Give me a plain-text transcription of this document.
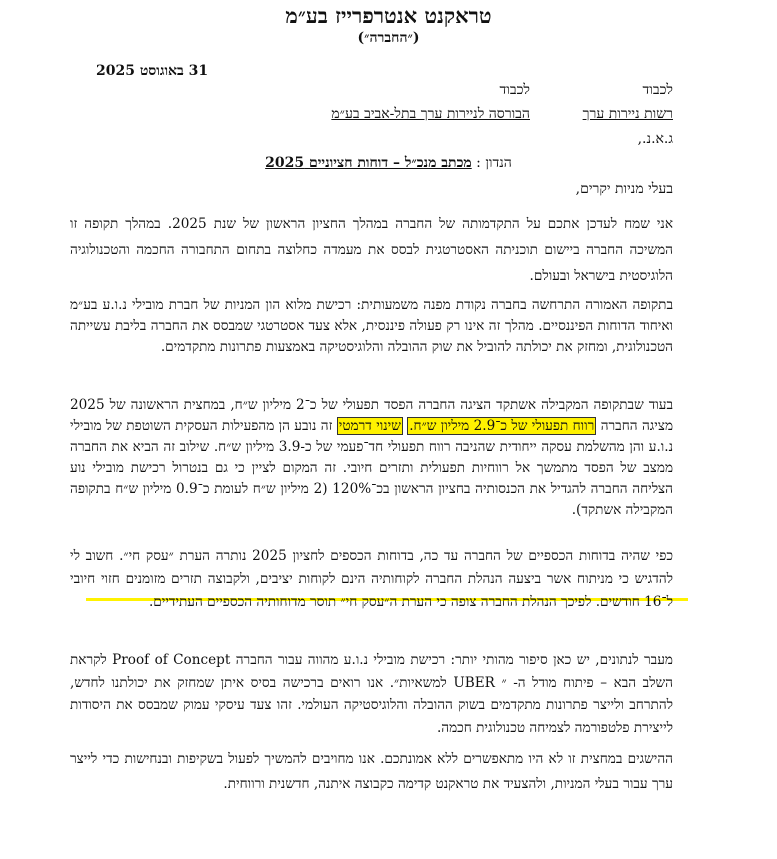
טראקנט אנטרפרייז בע״מ
(״החברה״)
31 באוגוסט 2025
לכבוד
רשות ניירות ערך
לכבוד
הבורסה לניירות ערך בתל-אביב בע״מ
ג.א.נ.,
הנדון : מכתב מנכ״ל – דוחות חציוניים 2025
בעלי מניות יקרים,
אני שמח לעדכן אתכם על התקדמותה של החברה במהלך החציון הראשון של שנת 2025. במהלך תקופה זו המשיכה החברה ביישום תוכניתה האסטרטגית לבסס את מעמדה כחלוצה בתחום התחבורה החכמה והטכנולוגיה הלוגיסטית בישראל ובעולם.
בתקופה האמורה התרחשה בחברה נקודת מפנה משמעותית: רכישת מלוא הון המניות של חברת מובילי נ.ו.ע בע״מ ואיחוד הדוחות הפיננסיים. מהלך זה אינו רק פעולה פיננסית, אלא צעד אסטרטגי שמבסס את החברה בליבת עשייתה הטכנולוגית, ומחזק את יכולתה להוביל את שוק ההובלה והלוגיסטיקה באמצעות פתרונות מתקדמים.
בעוד שבתקופה המקבילה אשתקד הציגה החברה הפסד תפעולי של כ־2 מיליון ש״ח, במחצית הראשונה של 2025 מציגה החברה רווח תפעולי של כ־2.9 מיליון ש״ח. שינוי דרמטי זה נובע הן מהפעילות העסקית השוטפת של מובילי נ.ו.ע והן מהשלמת עסקה ייחודית שהניבה רווח תפעולי חד־פעמי של כ-3.9 מיליון ש״ח. שילוב זה הביא את החברה ממצב של הפסד מתמשך אל רווחיות תפעולית ותזרים חיובי. זה המקום לציין כי גם בנטרול רכישת מובילי נוע הצליחה החברה להגדיל את הכנסותיה בחציון הראשון בכ־120% (2 מיליון ש״ח לעומת כ־0.9 מיליון ש״ח בתקופה המקבילה אשתקד).
כפי שהיה בדוחות הכספיים של החברה עד כה, בדוחות הכספים לחציון 2025 נותרה הערת ״עסק חי״. חשוב לי להדגיש כי מניתוח אשר ביצעה הנהלת החברה לקוחותיה הינם לקוחות יציבים, ולקבוצה תזרים מזומנים חזוי חיובי ל־16 חודשים. לפיכך הנהלת החברה צופה כי הערת ה״עסק חי״ תוסר מדוחותיה הכספיים העתידיים.
מעבר לנתונים, יש כאן סיפור מהותי יותר: רכישת מובילי נ.ו.ע מהווה עבור החברה Proof of Concept לקראת השלב הבא – פיתוח מודל ה- ״ UBER למשאיות״. אנו רואים ברכישה בסיס איתן שמחזק את יכולתנו לחדש, להתרחב ולייצר פתרונות מתקדמים בשוק ההובלה והלוגיסטיקה העולמי. זהו צעד עיסקי עמוק שמבסס את היסודות לייצירת פלטפורמה לצמיחה טכנולוגית חכמה.
ההישגים במחצית זו לא היו מתאפשרים ללא אמונתכם. אנו מחויבים להמשיך לפעול בשקיפות ובנחישות כדי לייצר ערך עבור בעלי המניות, ולהצעיד את טראקנט קדימה כקבוצה איתנה, חדשנית ורווחית.
